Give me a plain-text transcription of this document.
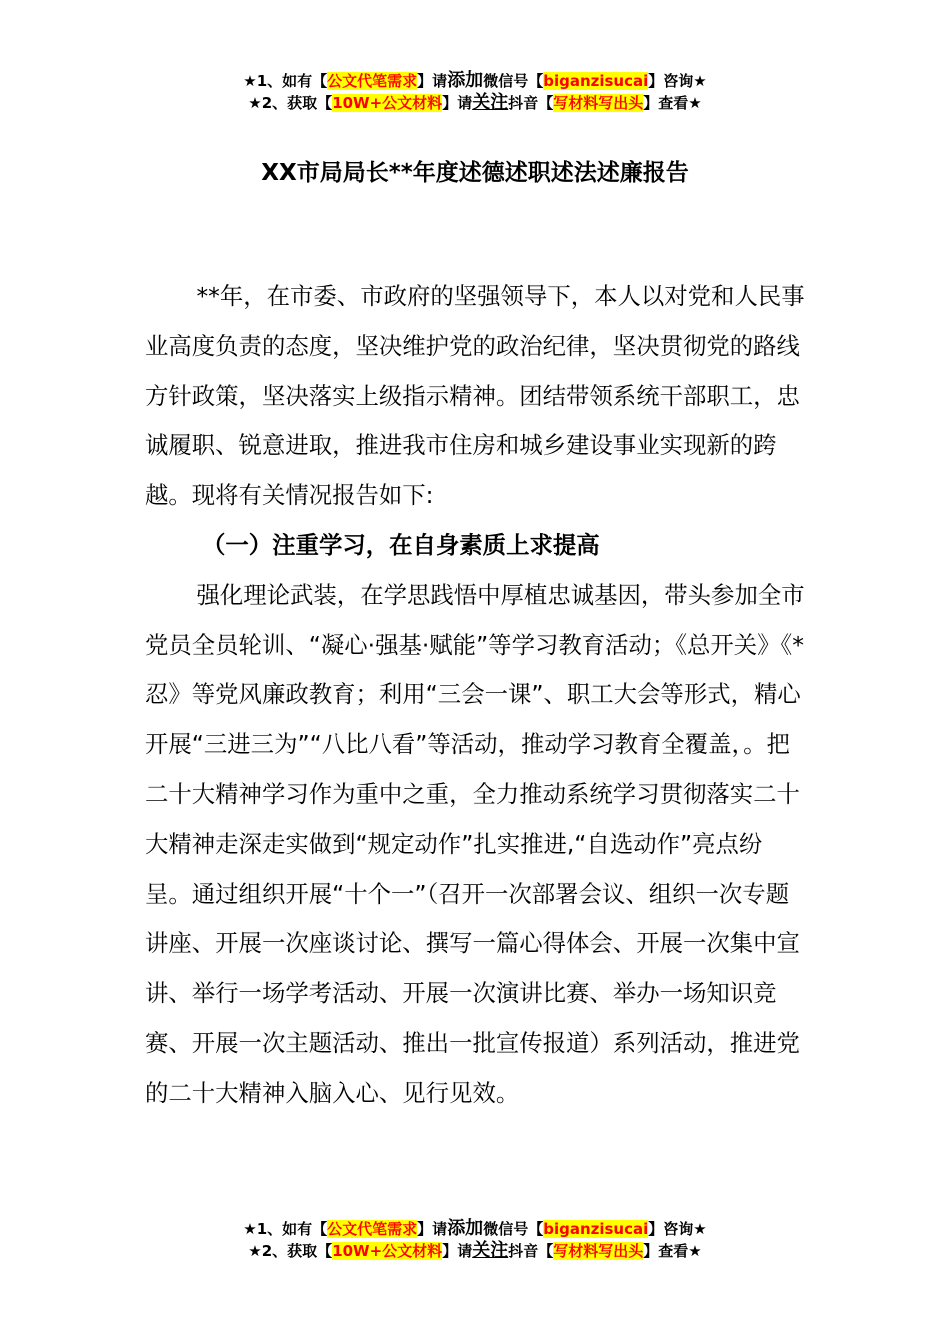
★1、如有【公文代笔需求】请添加微信号【biganzisucai】咨询★
★2、获取【10W+公文材料】请关注抖音【写材料写出头】查看★
XX市局局长**年度述德述职述法述廉报告

**年，在市委、市政府的坚强领导下，本人以对党和人民事业高度负责的态度，坚决维护党的政治纪律，坚决贯彻党的路线方针政策，坚决落实上级指示精神。团结带领系统干部职工，忠诚履职、锐意进取，推进我市住房和城乡建设事业实现新的跨越。现将有关情况报告如下:

（一）注重学习，在自身素质上求提高

强化理论武装，在学思践悟中厚植忠诚基因，带头参加全市党员全员轮训、“凝心·强基·赋能”等学习教育活动；《总开关》《*忍》等党风廉政教育；利用“三会一课”、职工大会等形式，精心开展“三进三为”“八比八看”等活动，推动学习教育全覆盖，。把二十大精神学习作为重中之重，全力推动系统学习贯彻落实二十大精神走深走实做到“规定动作”扎实推进,“自选动作”亮点纷呈。通过组织开展“十个一”（召开一次部署会议、组织一次专题讲座、开展一次座谈讨论、撰写一篇心得体会、开展一次集中宣讲、举行一场学考活动、开展一次演讲比赛、举办一场知识竞赛、开展一次主题活动、推出一批宣传报道）系列活动，推进党的二十大精神入脑入心、见行见效。

★1、如有【公文代笔需求】请添加微信号【biganzisucai】咨询★
★2、获取【10W+公文材料】请关注抖音【写材料写出头】查看★
